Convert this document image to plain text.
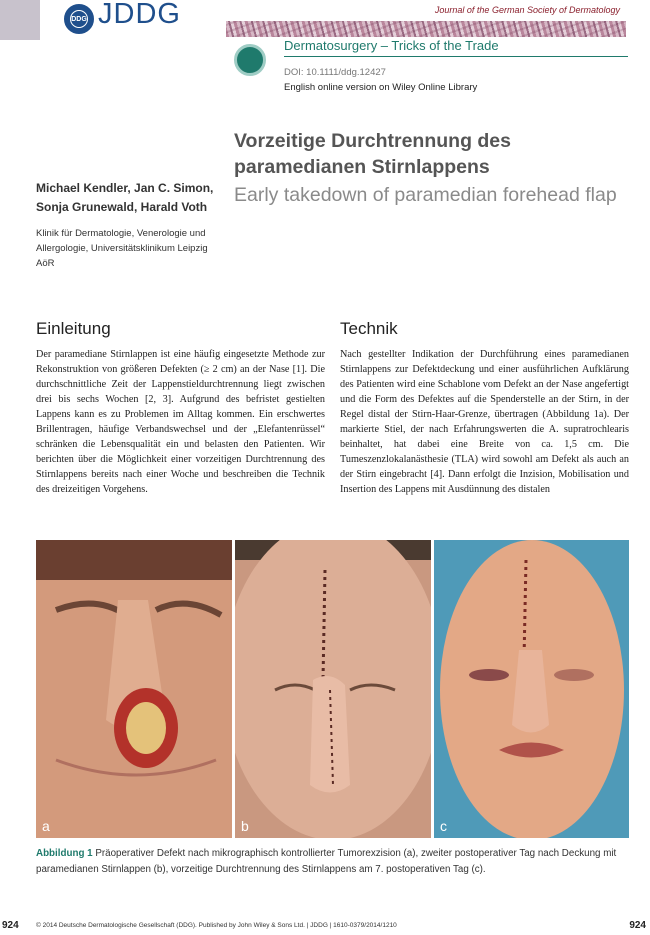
DDG JDDG	Journal of the German Society of Dermatology
Dermatosurgery – Tricks of the Trade
DOI: 10.1111/ddg.12427
English online version on Wiley Online Library
Vorzeitige Durchtrennung des paramedianen Stirnlappens
Early takedown of paramedian forehead flap
Michael Kendler, Jan C. Simon, Sonja Grunewald, Harald Voth
Klinik für Dermatologie, Venerologie und Allergologie, Universitätsklinikum Leipzig AöR
Einleitung
Der paramediane Stirnlappen ist eine häufig eingesetzte Methode zur Rekonstruktion von größeren Defekten (≥ 2 cm) an der Nase [1]. Die durchschnittliche Zeit der Lappenstieldurchtrennung liegt zwischen drei bis sechs Wochen [2, 3]. Aufgrund des befristet gestielten Lappens kann es zu Problemen im Alltag kommen. Ein erschwertes Brillentragen, häufige Verbandswechsel und der „Elefantenrüssel“ schränken die Lebensqualität ein und belasten den Patienten. Wir berichten über die Möglichkeit einer vorzeitigen Durchtrennung des Stirnlappens bereits nach einer Woche und beschreiben die Technik des dreizeitigen Vorgehens.
Technik
Nach gestellter Indikation der Durchführung eines paramedianen Stirnlappens zur Defektdeckung und einer ausführlichen Aufklärung des Patienten wird eine Schablone vom Defekt an der Nase angefertigt und die Form des Defektes auf die Spenderstelle an der Stirn, in der Regel distal der Stirn-Haar-Grenze, übertragen (Abbildung 1a). Der markierte Stiel, der nach Erfahrungswerten die A. supratrochlearis beinhaltet, hat dabei eine Breite von ca. 1,5 cm. Die Tumeszenzlokalanästhesie (TLA) wird sowohl am Defekt als auch an der Stirn eingebracht [4]. Dann erfolgt die Inzision, Mobilisation und Insertion des Lappens mit Ausdünnung des distalen
a	b	c
Abbildung 1 Präoperativer Defekt nach mikrographisch kontrollierter Tumorexzision (a), zweiter postoperativer Tag nach Deckung mit paramedianen Stirnlappen (b), vorzeitige Durchtrennung des Stirnlappens am 7. postoperativen Tag (c).
924	© 2014 Deutsche Dermatologische Gesellschaft (DDG). Published by John Wiley & Sons Ltd. | JDDG | 1610-0379/2014/1210	924
